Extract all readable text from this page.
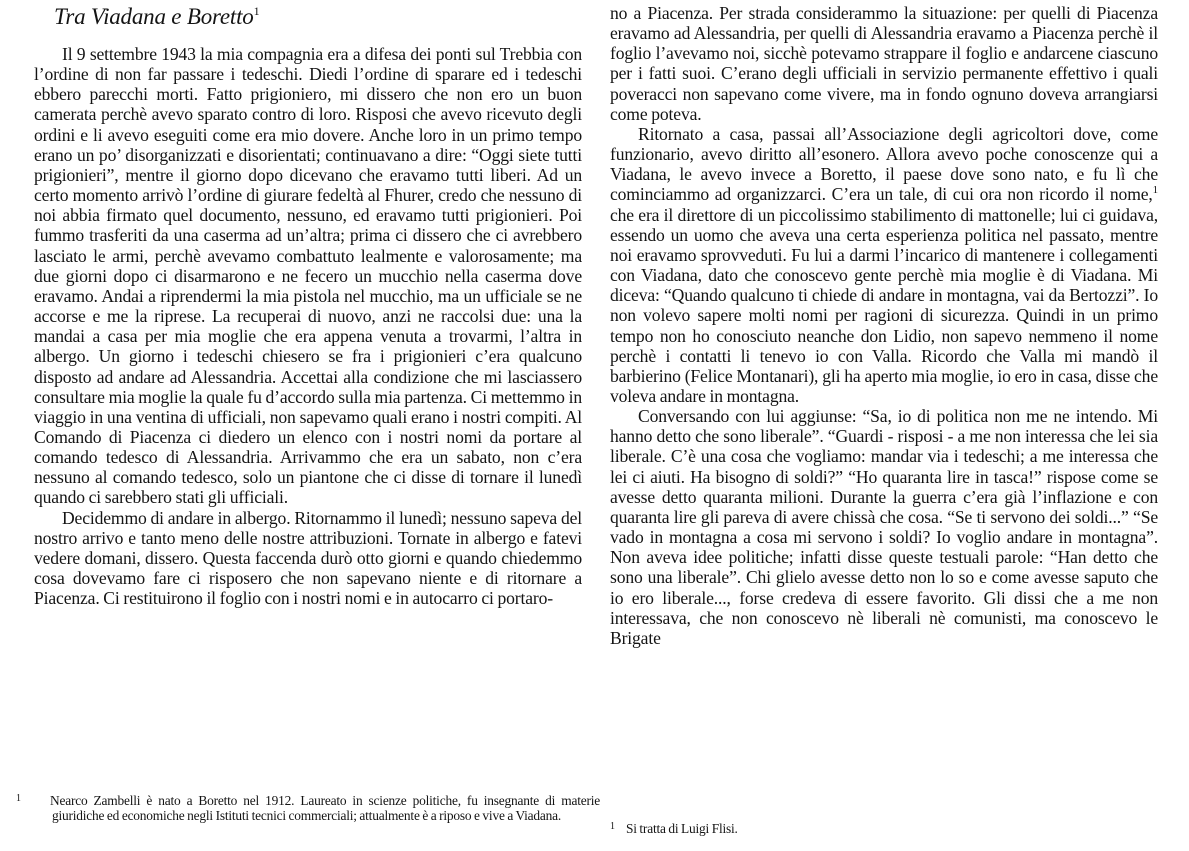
Tra Viadana e Boretto$^1$

Il 9 settembre 1943 la mia compagnia era a difesa dei ponti sul Trebbia con l’ordine di non far passare i tedeschi. Diedi l’ordine di sparare ed i tedeschi ebbero parecchi morti. Fatto prigioniero, mi dissero che non ero un buon camerata perchè avevo sparato contro di loro. Risposi che avevo ricevuto degli ordini e li avevo eseguiti come era mio dovere. Anche loro in un primo tempo erano un po’ disorganizzati e disorientati; continuavano a dire: “Oggi siete tutti prigionieri”, mentre il giorno dopo dicevano che eravamo tutti liberi. Ad un certo momento arrivò l’ordine di giurare fedeltà al Fhurer, credo che nessuno di noi abbia firmato quel documento, nessuno, ed eravamo tutti prigionieri. Poi fummo trasferiti da una caserma ad un’altra; prima ci dissero che ci avrebbero lasciato le armi, perchè avevamo combattuto lealmente e valorosamente; ma due giorni dopo ci disarmarono e ne fecero un mucchio nella caserma dove eravamo. Andai a riprendermi la mia pistola nel mucchio, ma un ufficiale se ne accorse e me la riprese. La recuperai di nuovo, anzi ne raccolsi due: una la mandai a casa per mia moglie che era appena venuta a trovarmi, l’altra in albergo. Un giorno i tedeschi chiesero se fra i prigionieri c’era qualcuno disposto ad andare ad Alessandria. Accettai alla condizione che mi lasciassero consultare mia moglie la quale fu d’accordo sulla mia partenza. Ci mettemmo in viaggio in una ventina di ufficiali, non sapevamo quali erano i nostri compiti. Al Comando di Piacenza ci diedero un elenco con i nostri nomi da portare al comando tedesco di Alessandria. Arrivammo che era un sabato, non c’era nessuno al comando tedesco, solo un piantone che ci disse di tornare il lunedì quando ci sarebbero stati gli ufficiali.

Decidemmo di andare in albergo. Ritornammo il lunedì; nessuno sapeva del nostro arrivo e tanto meno delle nostre attribuzioni. Tornate in albergo e fatevi vedere domani, dissero. Questa faccenda durò otto giorni e quando chiedemmo cosa dovevamo fare ci risposero che non sapevano niente e di ritornare a Piacenza. Ci restituirono il foglio con i nostri nomi e in autocarro ci portaro-

1 Nearco Zambelli è nato a Boretto nel 1912. Laureato in scienze politiche, fu insegnante di materie giuridiche ed economiche negli Istituti tecnici commerciali; attualmente è a riposo e vive a Viadana.

no a Piacenza. Per strada considerammo la situazione: per quelli di Piacenza eravamo ad Alessandria, per quelli di Alessandria eravamo a Piacenza perchè il foglio l’avevamo noi, sicchè potevamo strappare il foglio e andarcene ciascuno per i fatti suoi. C’erano degli ufficiali in servizio permanente effettivo i quali poveracci non sapevano come vivere, ma in fondo ognuno doveva arrangiarsi come poteva.

Ritornato a casa, passai all’Associazione degli agricoltori dove, come funzionario, avevo diritto all’esonero. Allora avevo poche conoscenze qui a Viadana, le avevo invece a Boretto, il paese dove sono nato, e fu lì che cominciammo ad organizzarci. C’era un tale, di cui ora non ricordo il nome,$^1$ che era il direttore di un piccolissimo stabilimento di mattonelle; lui ci guidava, essendo un uomo che aveva una certa esperienza politica nel passato, mentre noi eravamo sprovveduti. Fu lui a darmi l’incarico di mantenere i collegamenti con Viadana, dato che conoscevo gente perchè mia moglie è di Viadana. Mi diceva: “Quando qualcuno ti chiede di andare in montagna, vai da Bertozzi”. Io non volevo sapere molti nomi per ragioni di sicurezza. Quindi in un primo tempo non ho conosciuto neanche don Lidio, non sapevo nemmeno il nome perchè i contatti li tenevo io con Valla. Ricordo che Valla mi mandò il barbierino (Felice Montanari), gli ha aperto mia moglie, io ero in casa, disse che voleva andare in montagna.

Conversando con lui aggiunse: “Sa, io di politica non me ne intendo. Mi hanno detto che sono liberale”. “Guardi - risposi - a me non interessa che lei sia liberale. C’è una cosa che vogliamo: mandar via i tedeschi; a me interessa che lei ci aiuti. Ha bisogno di soldi?” “Ho quaranta lire in tasca!” rispose come se avesse detto quaranta milioni. Durante la guerra c’era già l’inflazione e con quaranta lire gli pareva di avere chissà che cosa. “Se ti servono dei soldi...” “Se vado in montagna a cosa mi servono i soldi? Io voglio andare in montagna”. Non aveva idee politiche; infatti disse queste testuali parole: “Han detto che sono una liberale”. Chi glielo avesse detto non lo so e come avesse saputo che io ero liberale..., forse credeva di essere favorito. Gli dissi che a me non interessava, che non conoscevo nè liberali nè comunisti, ma conoscevo le Brigate

1 Si tratta di Luigi Flisi.
